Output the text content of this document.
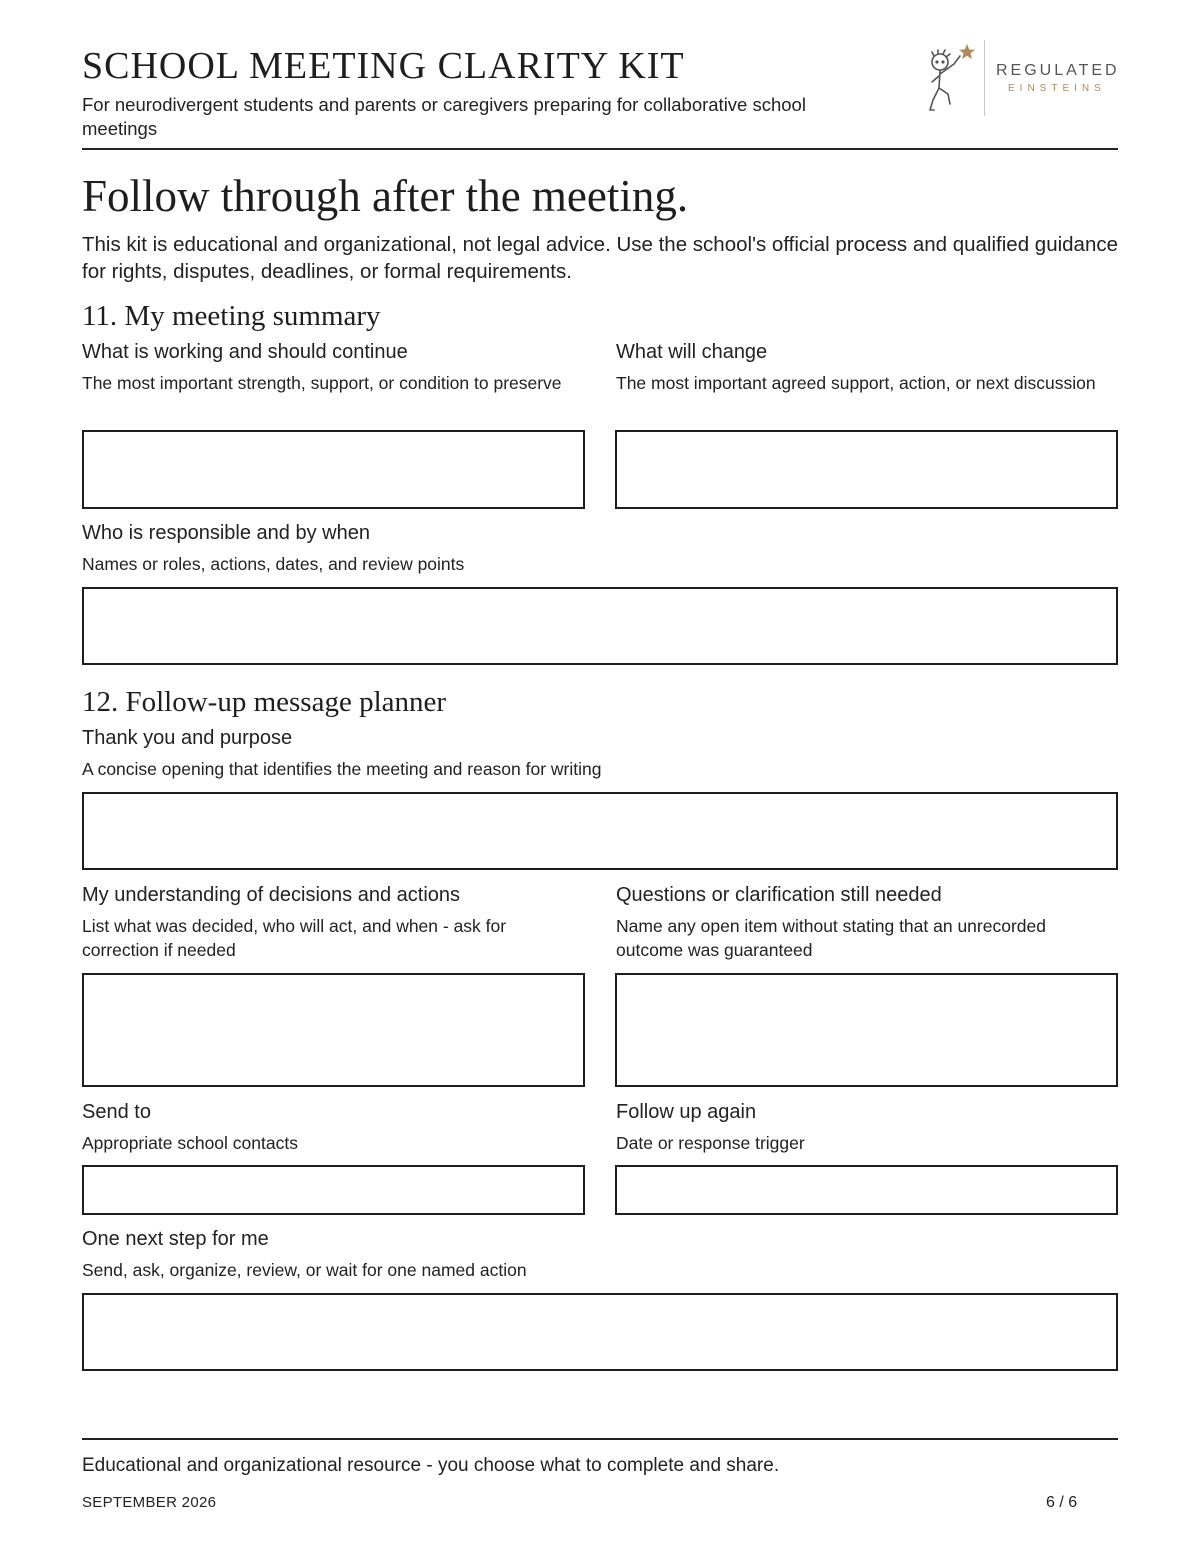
SCHOOL MEETING CLARITY KIT
For neurodivergent students and parents or caregivers preparing for collaborative school meetings
REGULATED
EINSTEINS
Follow through after the meeting.
This kit is educational and organizational, not legal advice. Use the school's official process and qualified guidance for rights, disputes, deadlines, or formal requirements.
11. My meeting summary
What is working and should continue
The most important strength, support, or condition to preserve
What will change
The most important agreed support, action, or next discussion
Who is responsible and by when
Names or roles, actions, dates, and review points
12. Follow-up message planner
Thank you and purpose
A concise opening that identifies the meeting and reason for writing
My understanding of decisions and actions
List what was decided, who will act, and when - ask for correction if needed
Questions or clarification still needed
Name any open item without stating that an unrecorded outcome was guaranteed
Send to
Appropriate school contacts
Follow up again
Date or response trigger
One next step for me
Send, ask, organize, review, or wait for one named action
Educational and organizational resource - you choose what to complete and share.
SEPTEMBER 2026	6 / 6
